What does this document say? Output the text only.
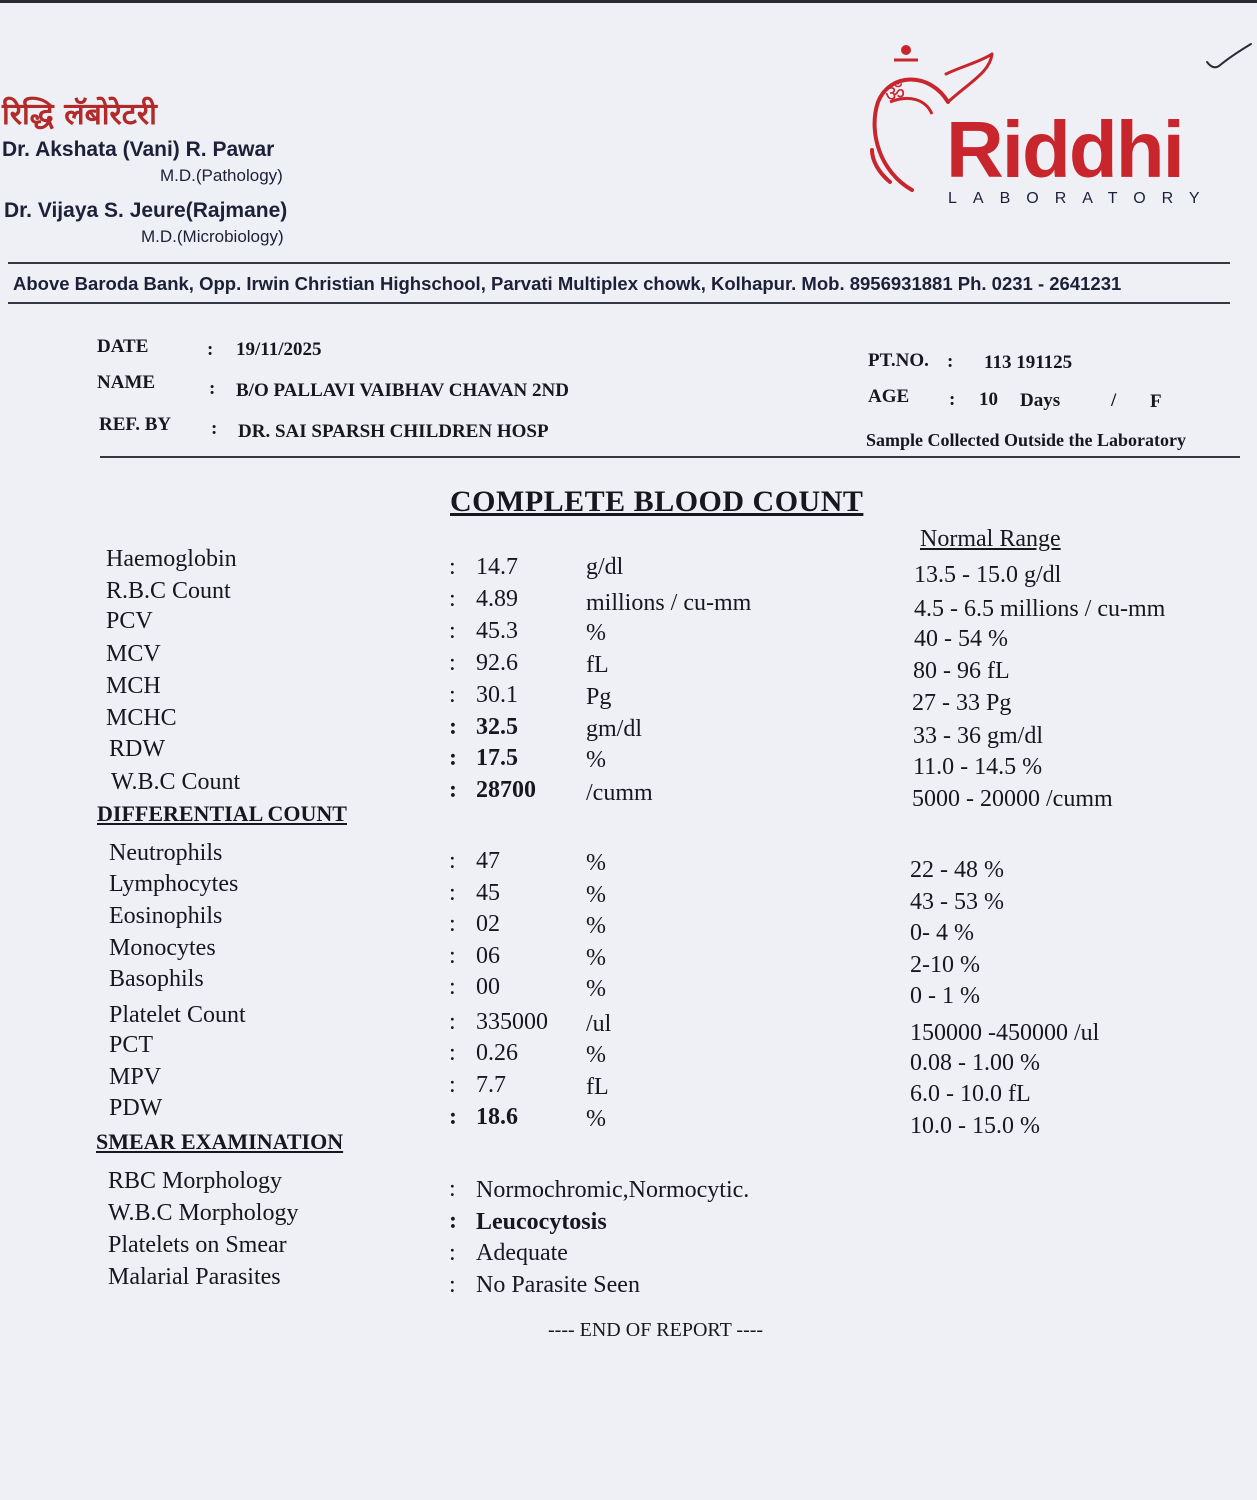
रिद्धि लॅबोरेटरी
Dr. Akshata (Vani) R. Pawar
M.D.(Pathology)
Dr. Vijaya S. Jeure(Rajmane)
M.D.(Microbiology)
ॐ
Riddhi
LABORATORY
Above Baroda Bank, Opp. Irwin Christian Highschool, Parvati Multiplex chowk, Kolhapur. Mob. 8956931881 Ph. 0231 - 2641231
DATE	: 19/11/2025
NAME	: B/O PALLAVI VAIBHAV CHAVAN 2ND
REF. BY : DR. SAI SPARSH CHILDREN HOSP
PT.NO. : 113 191125
AGE : 10 Days	/ F
Sample Collected Outside the Laboratory
COMPLETE BLOOD COUNT
Normal Range
Haemoglobin	: 14.7	g/dl	13.5 - 15.0 g/dl
R.B.C Count	: 4.89	millions / cu-mm	4.5 - 6.5 millions / cu-mm
PCV	: 45.3	%	40 - 54 %
MCV	: 92.6	fL	80 - 96 fL
MCH	: 30.1	Pg	27 - 33 Pg
MCHC	: 32.5	gm/dl	33 - 36 gm/dl
RDW	: 17.5	%	11.0 - 14.5 %
W.B.C Count	: 28700 /cumm	5000 - 20000 /cumm
DIFFERENTIAL COUNT
Neutrophils	: 47	%	22 - 48 %
Lymphocytes	: 45	%	43 - 53 %
Eosinophils	: 02	%	0- 4 %
Monocytes	: 06	%	2-10 %
Basophils	: 00	%	0 - 1 %
Platelet Count	: 335000 /ul	150000 -450000 /ul
PCT	: 0.26	%	0.08 - 1.00 %
MPV	: 7.7	fL	6.0 - 10.0 fL
PDW	: 18.6	%	10.0 - 15.0 %
SMEAR EXAMINATION
RBC Morphology	: Normochromic,Normocytic.
W.B.C Morphology	: Leucocytosis
Platelets on Smear	: Adequate
Malarial Parasites	: No Parasite Seen
---- END OF REPORT ----
